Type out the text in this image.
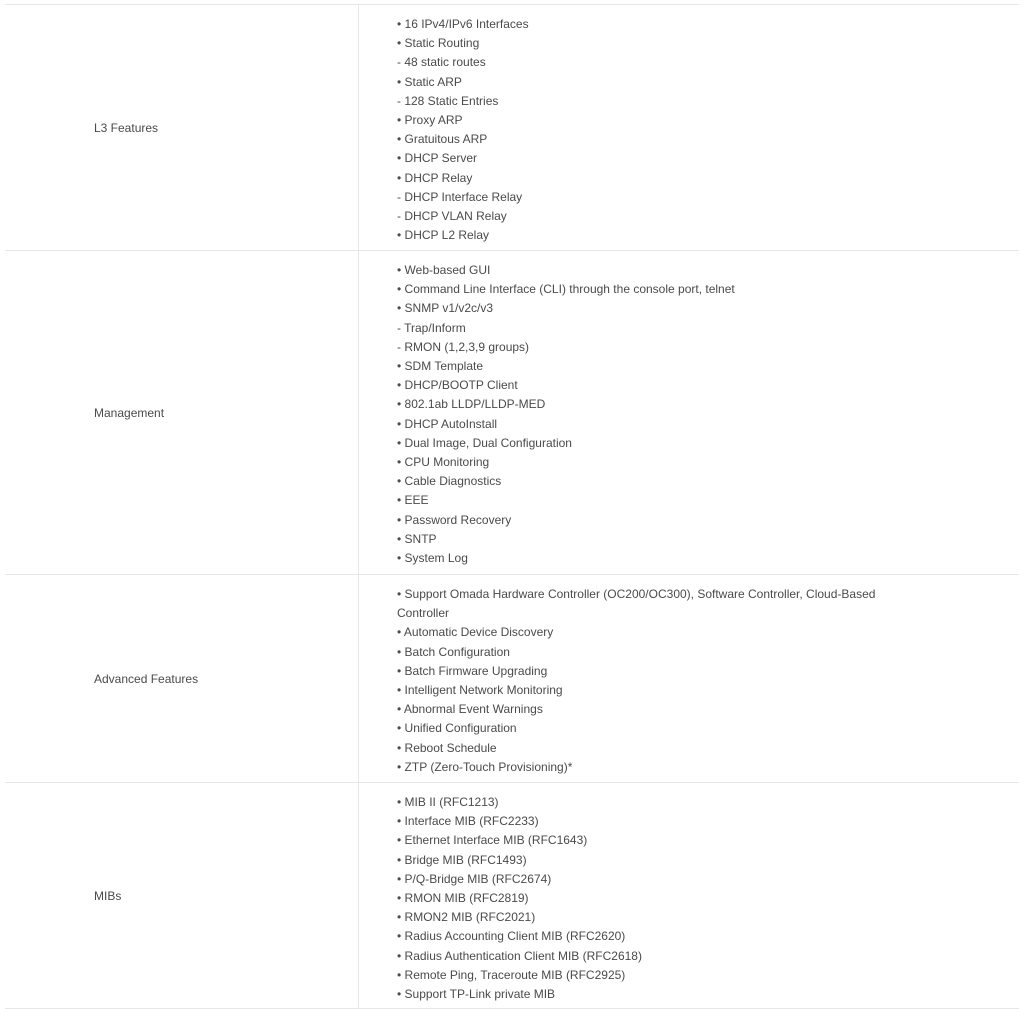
L3 Features
• 16 IPv4/IPv6 Interfaces
• Static Routing
- 48 static routes
• Static ARP
- 128 Static Entries
• Proxy ARP
• Gratuitous ARP
• DHCP Server
• DHCP Relay
- DHCP Interface Relay
- DHCP VLAN Relay
• DHCP L2 Relay
Management
• Web-based GUI
• Command Line Interface (CLI) through the console port, telnet
• SNMP v1/v2c/v3
- Trap/Inform
- RMON (1,2,3,9 groups)
• SDM Template
• DHCP/BOOTP Client
• 802.1ab LLDP/LLDP-MED
• DHCP AutoInstall
• Dual Image, Dual Configuration
• CPU Monitoring
• Cable Diagnostics
• EEE
• Password Recovery
• SNTP
• System Log
Advanced Features
• Support Omada Hardware Controller (OC200/OC300), Software Controller, Cloud-Based Controller
• Automatic Device Discovery
• Batch Configuration
• Batch Firmware Upgrading
• Intelligent Network Monitoring
• Abnormal Event Warnings
• Unified Configuration
• Reboot Schedule
• ZTP (Zero-Touch Provisioning)*
MIBs
• MIB II (RFC1213)
• Interface MIB (RFC2233)
• Ethernet Interface MIB (RFC1643)
• Bridge MIB (RFC1493)
• P/Q-Bridge MIB (RFC2674)
• RMON MIB (RFC2819)
• RMON2 MIB (RFC2021)
• Radius Accounting Client MIB (RFC2620)
• Radius Authentication Client MIB (RFC2618)
• Remote Ping, Traceroute MIB (RFC2925)
• Support TP-Link private MIB
